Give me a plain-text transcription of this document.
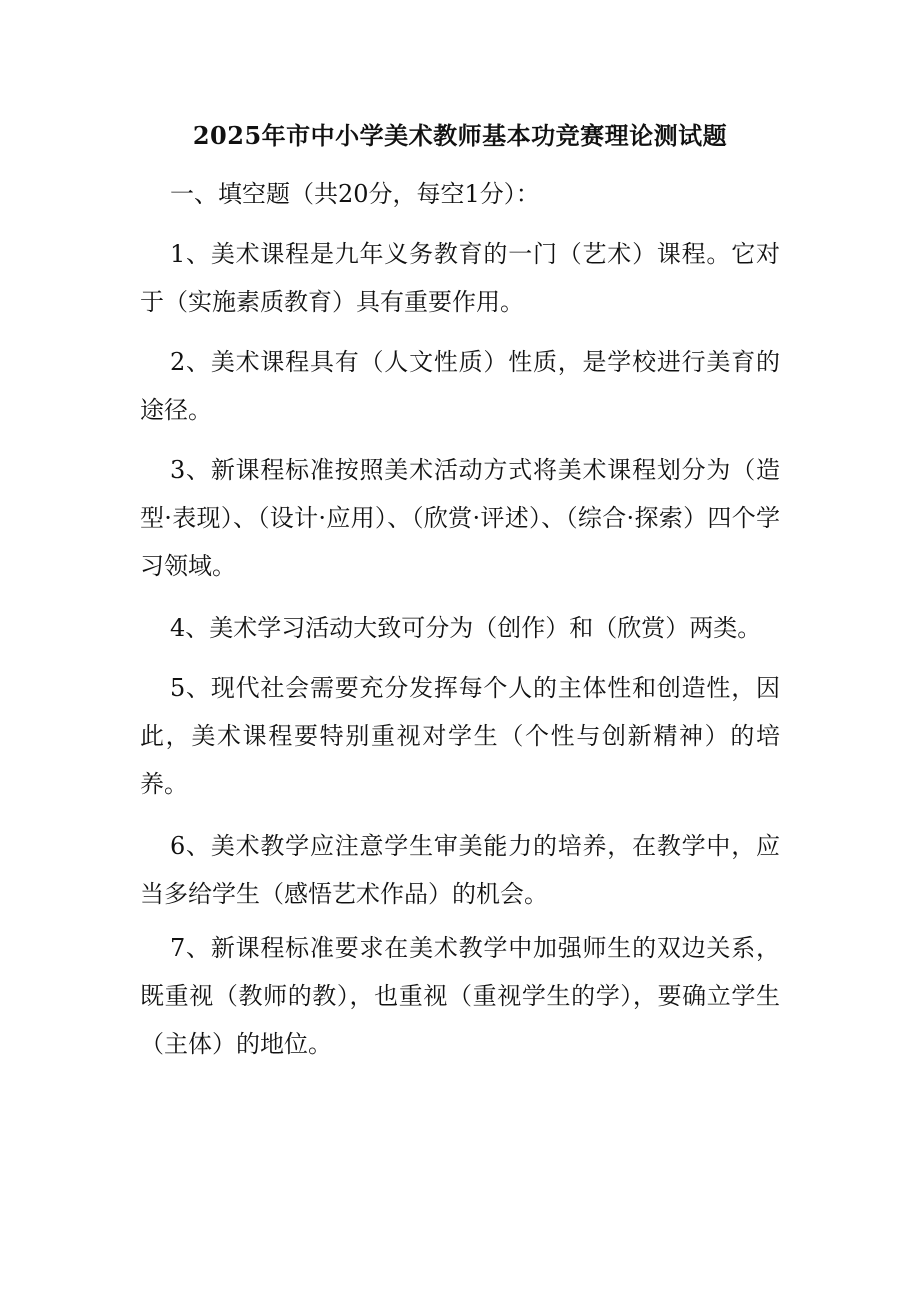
2025年市中小学美术教师基本功竞赛理论测试题
一、填空题（共20分，每空1分）：

1、美术课程是九年义务教育的一门（艺术）课程。它对于（实施素质教育）具有重要作用。

2、美术课程具有（人文性质）性质，是学校进行美育的途径。

3、新课程标准按照美术活动方式将美术课程划分为（造型·表现）、（设计·应用）、（欣赏·评述）、（综合·探索）四个学习领域。

4、美术学习活动大致可分为（创作）和（欣赏）两类。

5、现代社会需要充分发挥每个人的主体性和创造性，因此，美术课程要特别重视对学生（个性与创新精神）的培养。

6、美术教学应注意学生审美能力的培养，在教学中，应当多给学生（感悟艺术作品）的机会。

7、新课程标准要求在美术教学中加强师生的双边关系，既重视（教师的教），也重视（重视学生的学），要确立学生（主体）的地位。
